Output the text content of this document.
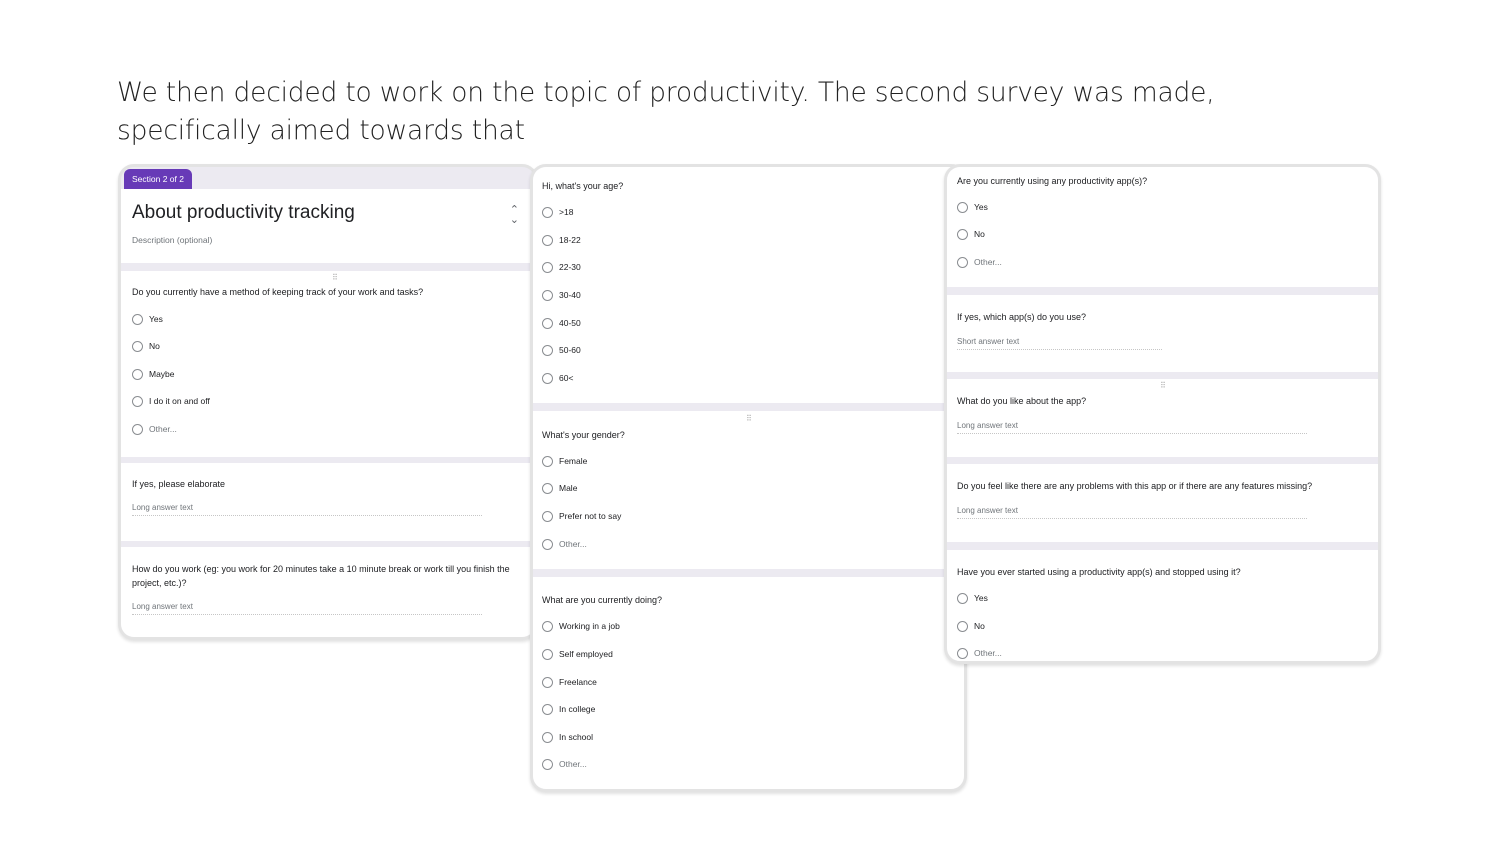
We then decided to work on the topic of productivity. The second survey was made, specifically aimed towards that

Section 2 of 2
About productivity tracking	⌃
⌄
Description (optional)
⠿
Do you currently have a method of keeping track of your work and tasks?
Yes
No
Maybe
I do it on and off
Other...
If yes, please elaborate
Long answer text
How do you work (eg: you work for 20 minutes take a 10 minute break or work till you finish the project, etc.)?
Long answer text
Hi, what's your age?
>18
18-22
22-30
30-40
40-50
50-60
60<
⠿
What's your gender?
Female
Male
Prefer not to say
Other...
What are you currently doing?
Working in a job
Self employed
Freelance
In college
In school
Other...
Are you currently using any productivity app(s)?
Yes
No
Other...
If yes, which app(s) do you use?
Short answer text
⠿
What do you like about the app?
Long answer text
Do you feel like there are any problems with this app or if there are any features missing?
Long answer text
Have you ever started using a productivity app(s) and stopped using it?
Yes
No
Other...
